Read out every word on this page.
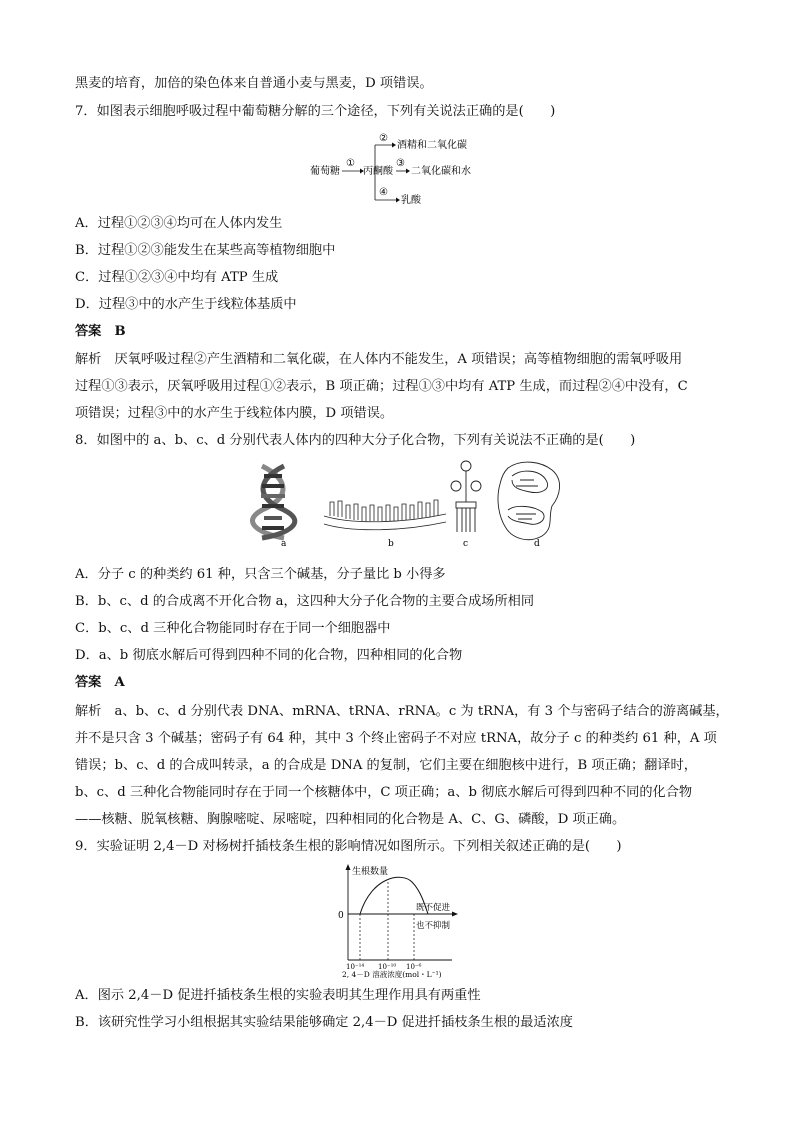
黑麦的培育，加倍的染色体来自普通小麦与黑麦，D 项错误。
7．如图表示细胞呼吸过程中葡萄糖分解的三个途径，下列有关说法正确的是(　　)
葡萄糖
①
丙酮酸
②
酒精和二氧化碳
③
二氧化碳和水
④
乳酸
A．过程①②③④均可在人体内发生
B．过程①②③能发生在某些高等植物细胞中
C．过程①②③④中均有 ATP 生成
D．过程③中的水产生于线粒体基质中
答案　B
解析　厌氧呼吸过程②产生酒精和二氧化碳，在人体内不能发生，A 项错误；高等植物细胞的需氧呼吸用
过程①③表示，厌氧呼吸用过程①②表示，B 项正确；过程①③中均有 ATP 生成，而过程②④中没有，C
项错误；过程③中的水产生于线粒体内膜，D 项错误。
8．如图中的 a、b、c、d 分别代表人体内的四种大分子化合物，下列有关说法不正确的是(　　)
a	b	c	d
A．分子 c 的种类约 61 种，只含三个碱基，分子量比 b 小得多
B．b、c、d 的合成离不开化合物 a，这四种大分子化合物的主要合成场所相同
C．b、c、d 三种化合物能同时存在于同一个细胞器中
D．a、b 彻底水解后可得到四种不同的化合物，四种相同的化合物
答案　A
解析　a、b、c、d 分别代表 DNA、mRNA、tRNA、rRNA。c 为 tRNA，有 3 个与密码子结合的游离碱基，
并不是只含 3 个碱基；密码子有 64 种，其中 3 个终止密码子不对应 tRNA，故分子 c 的种类约 61 种，A 项
错误；b、c、d 的合成叫转录，a 的合成是 DNA 的复制，它们主要在细胞核中进行，B 项正确；翻译时，
b、c、d 三种化合物能同时存在于同一个核糖体中，C 项正确；a、b 彻底水解后可得到四种不同的化合物
——核糖、脱氧核糖、胸腺嘧啶、尿嘧啶，四种相同的化合物是 A、C、G、磷酸，D 项正确。
9．实验证明 2,4－D 对杨树扦插枝条生根的影响情况如图所示。下列相关叙述正确的是(　　)
生根数量
0
既不促进
也不抑制
10⁻¹⁴ 10⁻¹⁰ 10⁻⁶
2, 4－D 溶液浓度(mol・L⁻¹)
A．图示 2,4－D 促进扦插枝条生根的实验表明其生理作用具有两重性
B．该研究性学习小组根据其实验结果能够确定 2,4－D 促进扦插枝条生根的最适浓度
